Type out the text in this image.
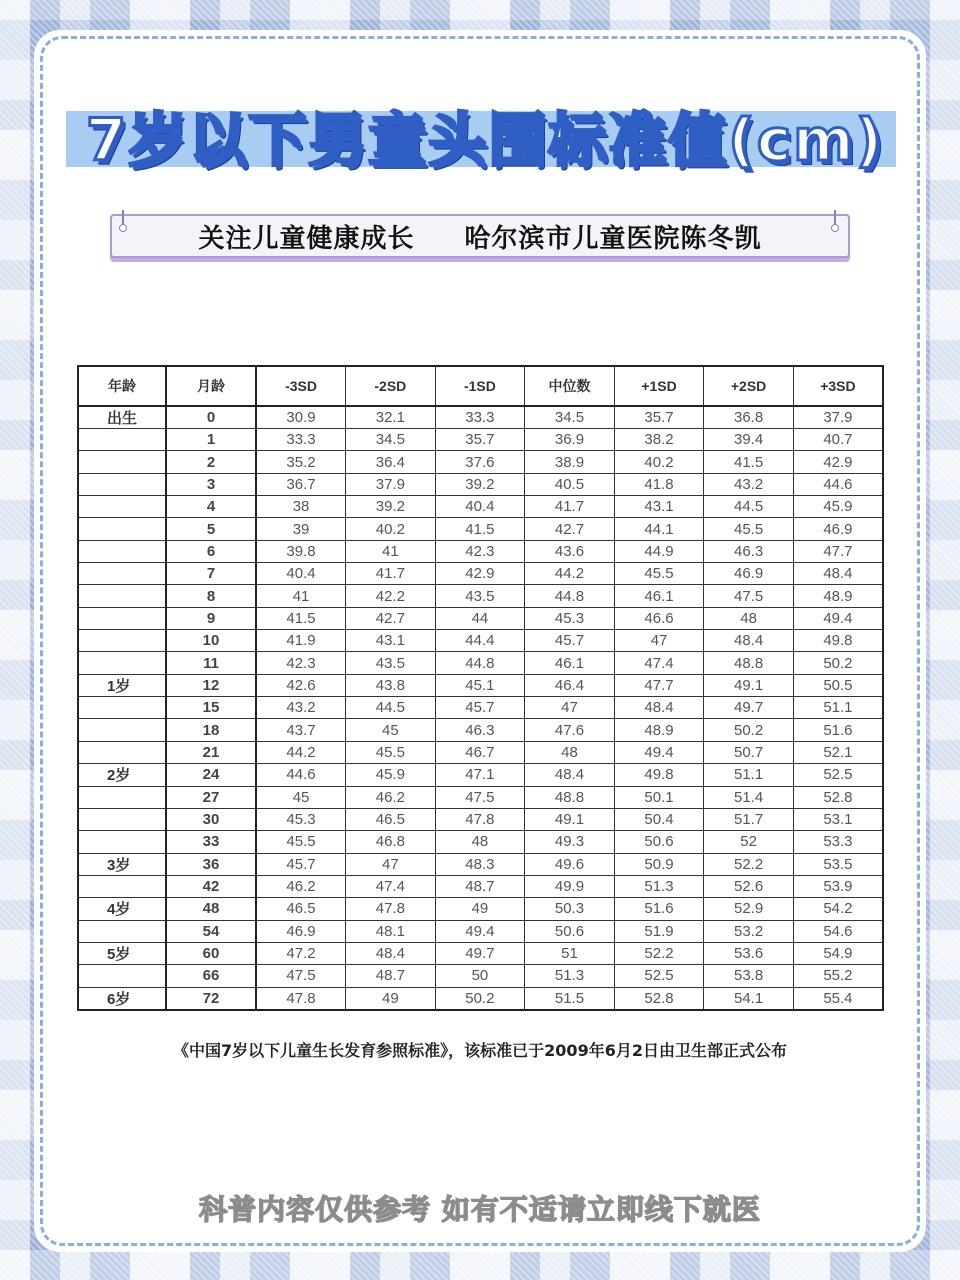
7岁以下男童头围标准值(cm)
关注儿童健康成长 哈尔滨市儿童医院陈冬凯
年龄	月龄	-3SD	-2SD	-1SD	中位数	+1SD	+2SD	+3SD
出生	0	30.9	32.1	33.3	34.5	35.7	36.8	37.9
	1	33.3	34.5	35.7	36.9	38.2	39.4	40.7
	2	35.2	36.4	37.6	38.9	40.2	41.5	42.9
	3	36.7	37.9	39.2	40.5	41.8	43.2	44.6
	4	38	39.2	40.4	41.7	43.1	44.5	45.9
	5	39	40.2	41.5	42.7	44.1	45.5	46.9
	6	39.8	41	42.3	43.6	44.9	46.3	47.7
	7	40.4	41.7	42.9	44.2	45.5	46.9	48.4
	8	41	42.2	43.5	44.8	46.1	47.5	48.9
	9	41.5	42.7	44	45.3	46.6	48	49.4
	10	41.9	43.1	44.4	45.7	47	48.4	49.8
	11	42.3	43.5	44.8	46.1	47.4	48.8	50.2
1岁	12	42.6	43.8	45.1	46.4	47.7	49.1	50.5
	15	43.2	44.5	45.7	47	48.4	49.7	51.1
	18	43.7	45	46.3	47.6	48.9	50.2	51.6
	21	44.2	45.5	46.7	48	49.4	50.7	52.1
2岁	24	44.6	45.9	47.1	48.4	49.8	51.1	52.5
	27	45	46.2	47.5	48.8	50.1	51.4	52.8
	30	45.3	46.5	47.8	49.1	50.4	51.7	53.1
	33	45.5	46.8	48	49.3	50.6	52	53.3
3岁	36	45.7	47	48.3	49.6	50.9	52.2	53.5
	42	46.2	47.4	48.7	49.9	51.3	52.6	53.9
4岁	48	46.5	47.8	49	50.3	51.6	52.9	54.2
	54	46.9	48.1	49.4	50.6	51.9	53.2	54.6
5岁	60	47.2	48.4	49.7	51	52.2	53.6	54.9
	66	47.5	48.7	50	51.3	52.5	53.8	55.2
6岁	72	47.8	49	50.2	51.5	52.8	54.1	55.4
《中国7岁以下儿童生长发育参照标准》，该标准已于2009年6月2日由卫生部正式公布
科普内容仅供参考 如有不适请立即线下就医
